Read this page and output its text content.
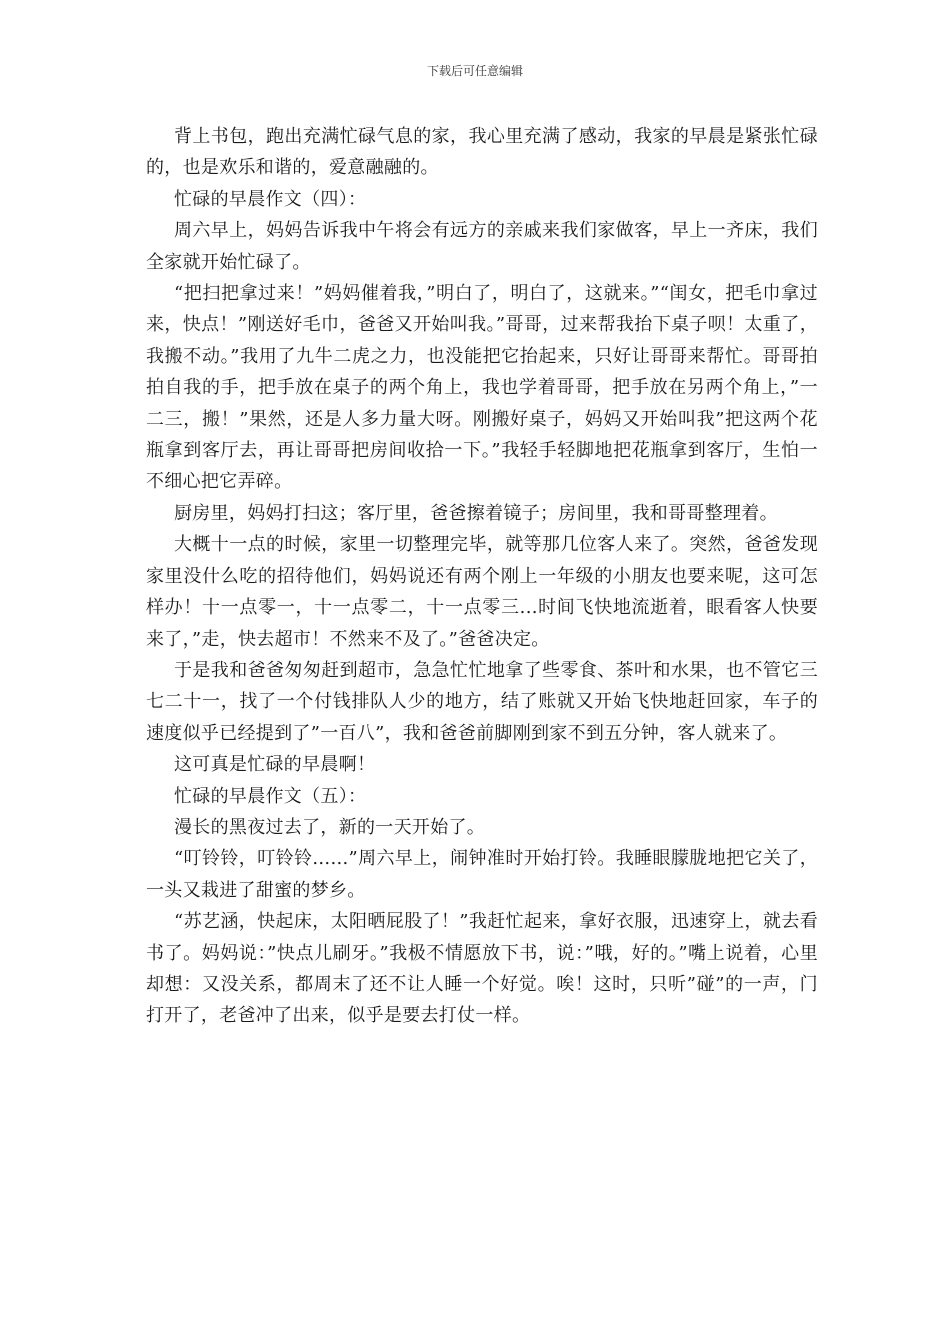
下载后可任意编辑

背上书包，跑出充满忙碌气息的家，我心里充满了感动，我家的早晨是紧张忙碌的，也是欢乐和谐的，爱意融融的。

忙碌的早晨作文（四）：

周六早上，妈妈告诉我中午将会有远方的亲戚来我们家做客，早上一齐床，我们全家就开始忙碌了。

“把扫把拿过来！”妈妈催着我，”明白了，明白了，这就来。”“闺女，把毛巾拿过来，快点！”刚送好毛巾，爸爸又开始叫我。”哥哥，过来帮我抬下桌子呗！太重了，我搬不动。”我用了九牛二虎之力，也没能把它抬起来，只好让哥哥来帮忙。哥哥拍拍自我的手，把手放在桌子的两个角上，我也学着哥哥，把手放在另两个角上，”一二三，搬！”果然，还是人多力量大呀。刚搬好桌子，妈妈又开始叫我”把这两个花瓶拿到客厅去，再让哥哥把房间收拾一下。”我轻手轻脚地把花瓶拿到客厅，生怕一不细心把它弄碎。

厨房里，妈妈打扫这；客厅里，爸爸擦着镜子；房间里，我和哥哥整理着。

大概十一点的时候，家里一切整理完毕，就等那几位客人来了。突然，爸爸发现家里没什么吃的招待他们，妈妈说还有两个刚上一年级的小朋友也要来呢，这可怎样办！十一点零一，十一点零二，十一点零三...时间飞快地流逝着，眼看客人快要来了，”走，快去超市！不然来不及了。”爸爸决定。

于是我和爸爸匆匆赶到超市，急急忙忙地拿了些零食、茶叶和水果，也不管它三七二十一，找了一个付钱排队人少的地方，结了账就又开始飞快地赶回家，车子的速度似乎已经提到了”一百八”，我和爸爸前脚刚到家不到五分钟，客人就来了。

这可真是忙碌的早晨啊！

忙碌的早晨作文（五）：

漫长的黑夜过去了，新的一天开始了。

“叮铃铃，叮铃铃......”周六早上，闹钟准时开始打铃。我睡眼朦胧地把它关了，一头又栽进了甜蜜的梦乡。

“苏艺涵，快起床，太阳晒屁股了！”我赶忙起来，拿好衣服，迅速穿上，就去看书了。妈妈说：”快点儿刷牙。”我极不情愿放下书，说：”哦，好的。”嘴上说着，心里却想：又没关系，都周末了还不让人睡一个好觉。唉！这时，只听”碰”的一声，门打开了，老爸冲了出来，似乎是要去打仗一样。
